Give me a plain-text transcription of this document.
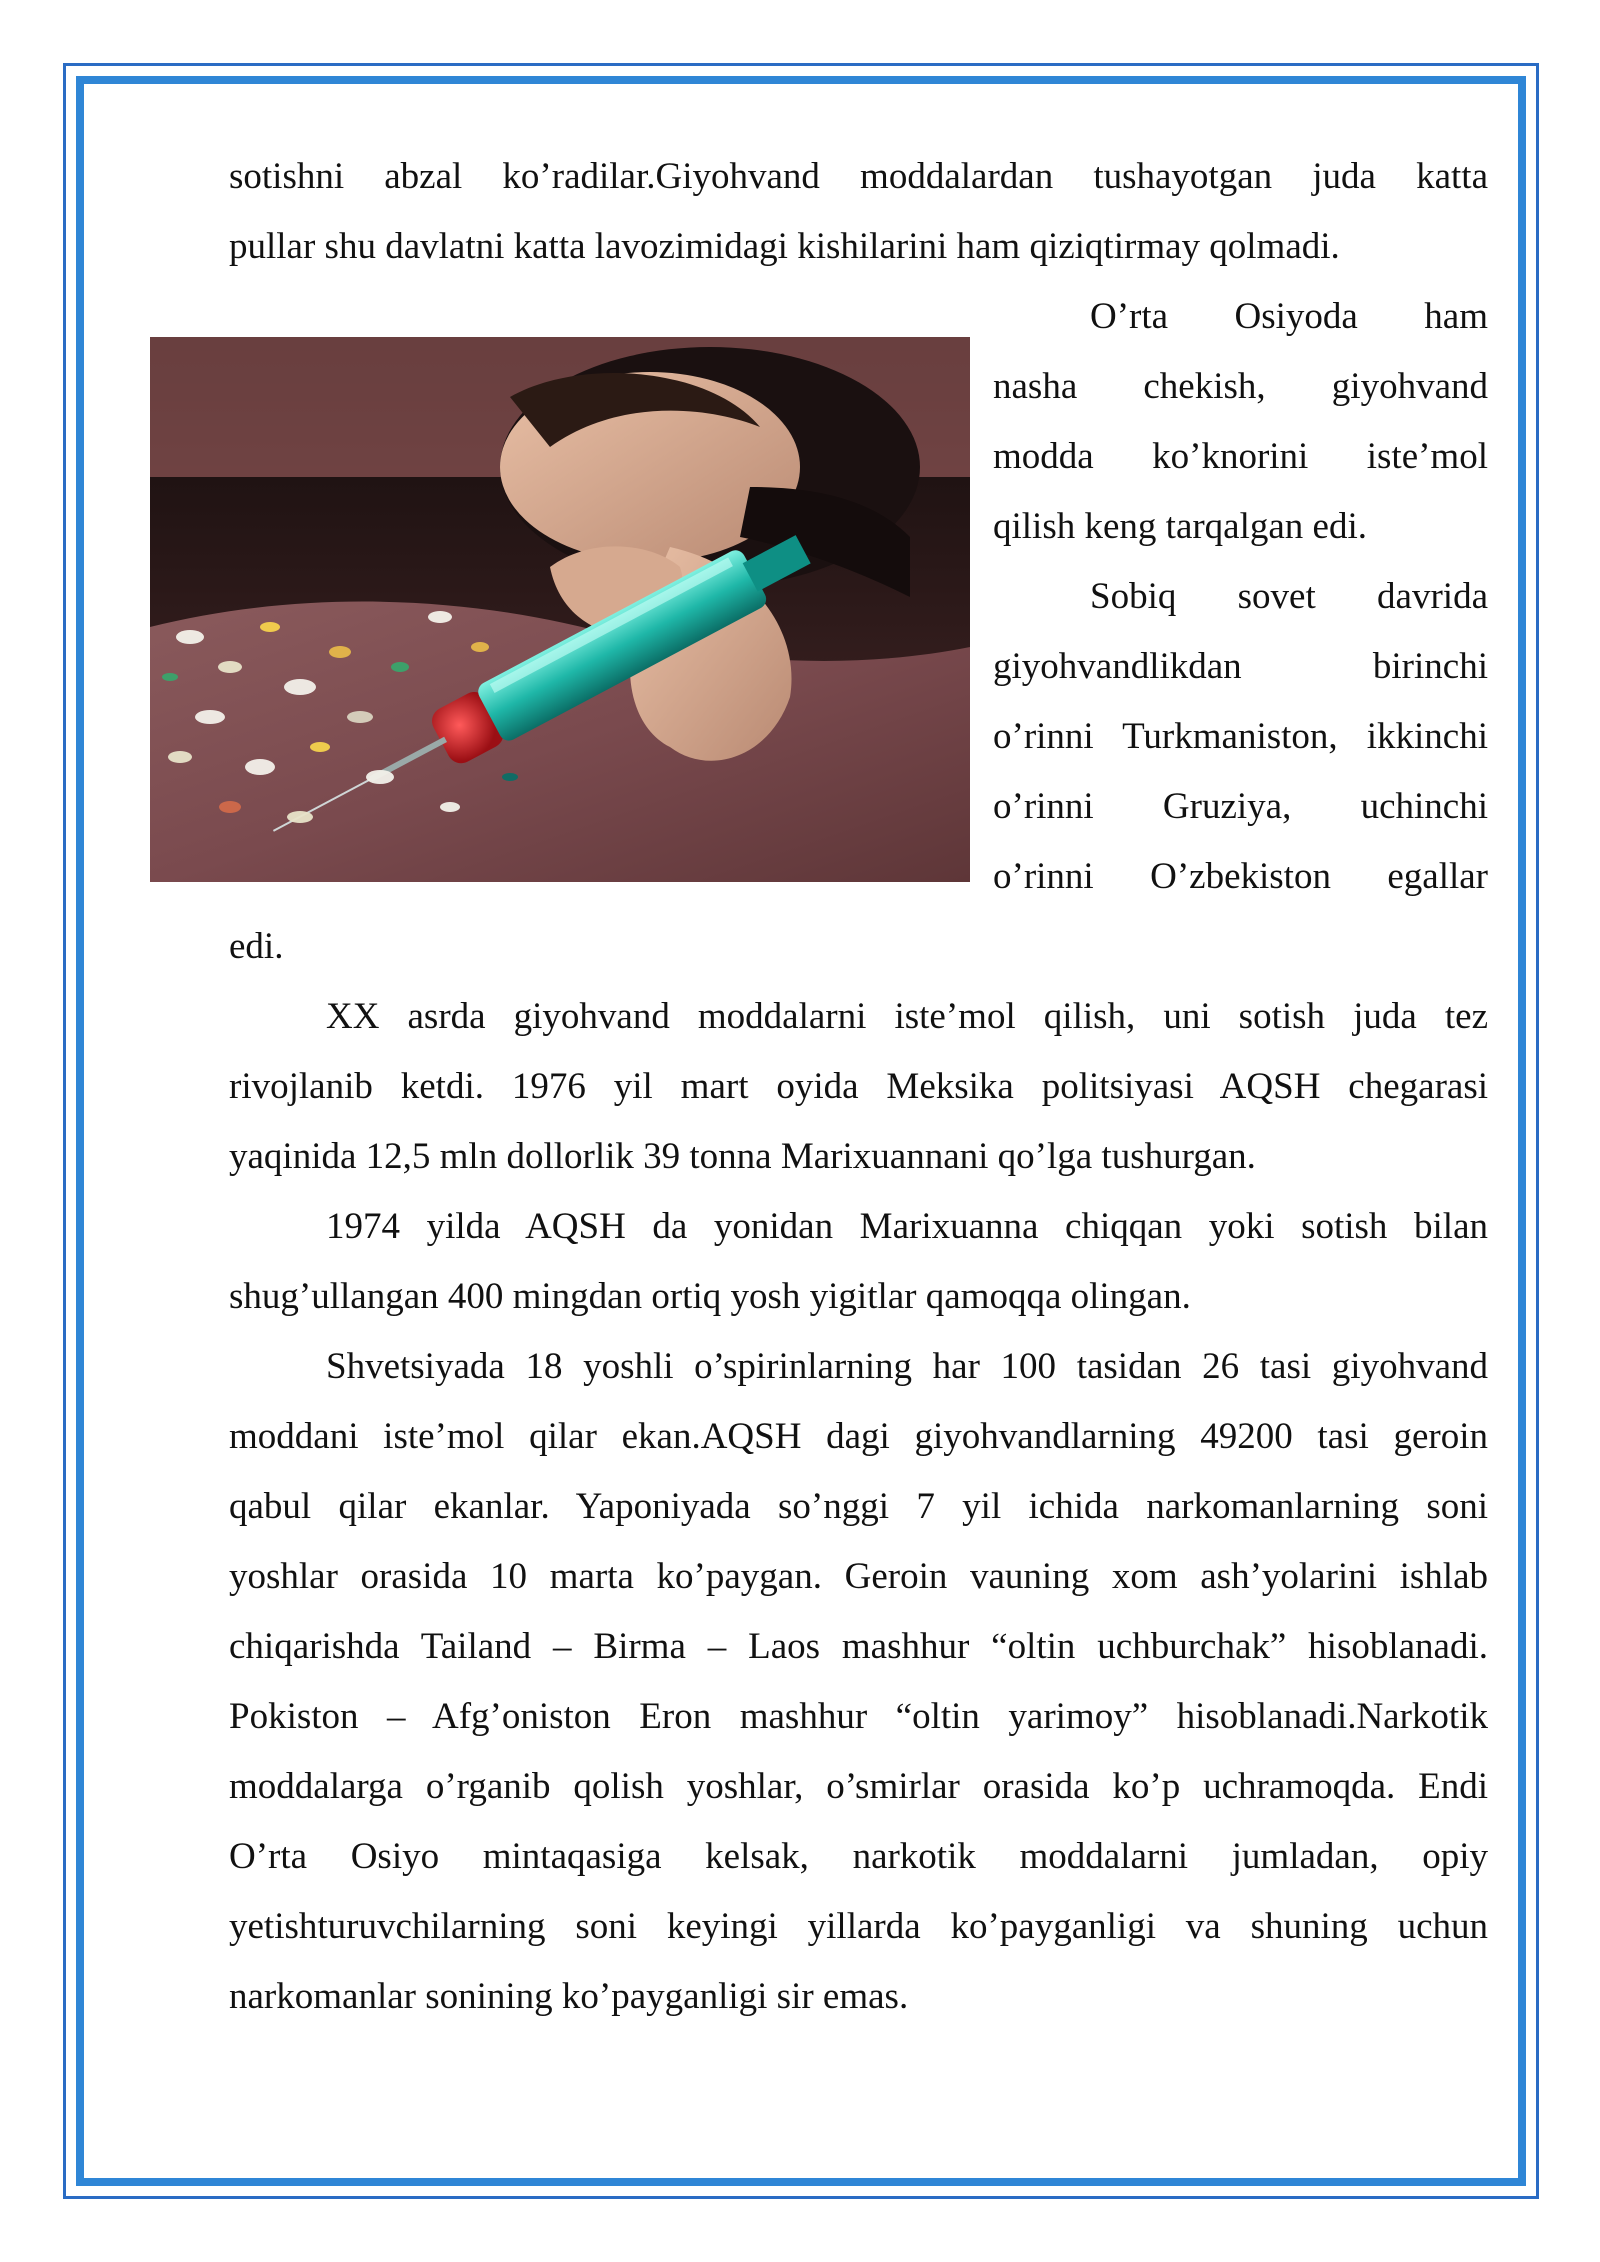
sotishni abzal ko’radilar.Giyohvand moddalardan tushayotgan juda katta

pullar shu davlatni katta lavozimidagi kishilarini ham qiziqtirmay qolmadi.

O’rta Osiyoda ham

nasha chekish, giyohvand

modda ko’knorini iste’mol

qilish keng tarqalgan edi.

Sobiq sovet davrida

giyohvandlikdan birinchi

o’rinni Turkmaniston, ikkinchi

o’rinni Gruziya, uchinchi

o’rinni O’zbekiston egallar

edi.

XX asrda giyohvand moddalarni iste’mol qilish, uni sotish juda tez

rivojlanib ketdi. 1976 yil mart oyida Meksika politsiyasi AQSH chegarasi

yaqinida 12,5 mln dollorlik 39 tonna Marixuannani qo’lga tushurgan.

1974 yilda AQSH da yonidan Marixuanna chiqqan yoki sotish bilan

shug’ullangan 400 mingdan ortiq yosh yigitlar qamoqqa olingan.

Shvetsiyada 18 yoshli o’spirinlarning har 100 tasidan 26 tasi giyohvand

moddani iste’mol qilar ekan.AQSH dagi giyohvandlarning 49200 tasi geroin

qabul qilar ekanlar. Yaponiyada so’nggi 7 yil ichida narkomanlarning soni

yoshlar orasida 10 marta ko’paygan. Geroin vauning xom ash’yolarini ishlab

chiqarishda Tailand – Birma – Laos mashhur “oltin uchburchak” hisoblanadi.

Pokiston – Afg’oniston Eron mashhur “oltin yarimoy” hisoblanadi.Narkotik

moddalarga o’rganib qolish yoshlar, o’smirlar orasida ko’p uchramoqda. Endi

O’rta Osiyo mintaqasiga kelsak, narkotik moddalarni jumladan, opiy

yetishturuvchilarning soni keyingi yillarda ko’payganligi va shuning uchun

narkomanlar sonining ko’payganligi sir emas.
